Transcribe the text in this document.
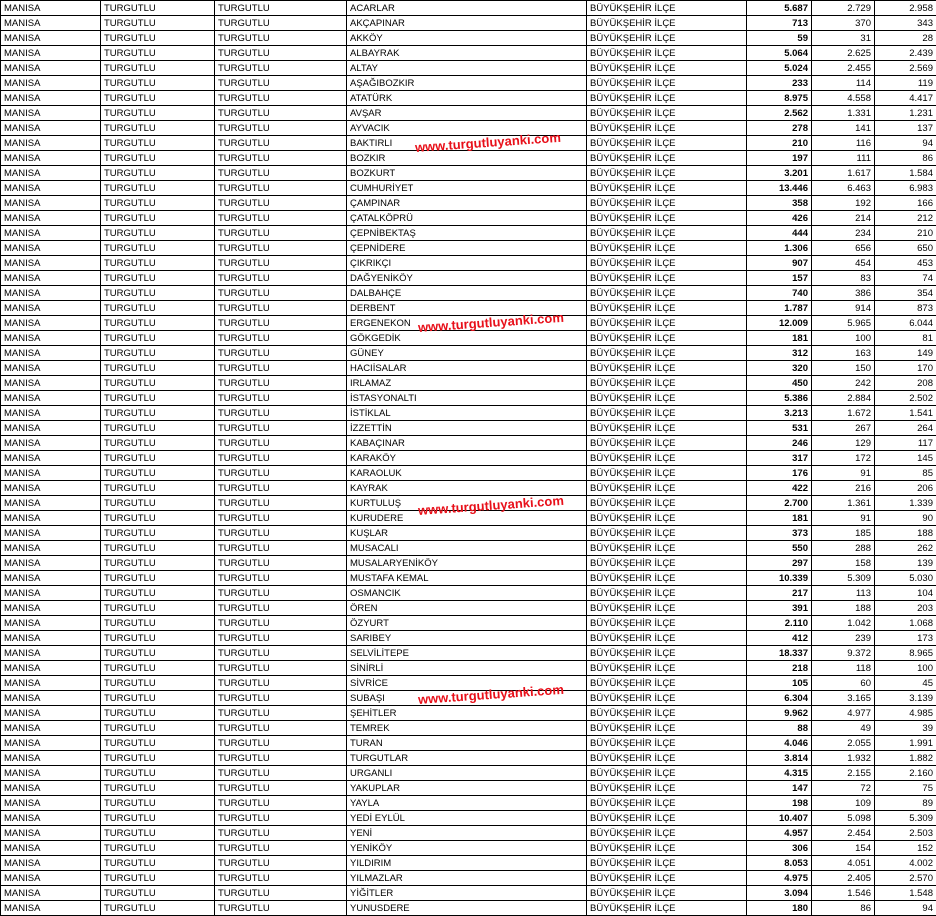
MANISA	TURGUTLU	TURGUTLU	ACARLAR	BÜYÜKŞEHİR İLÇE	5.687	2.729	2.958
MANISA	TURGUTLU	TURGUTLU	AKÇAPINAR	BÜYÜKŞEHİR İLÇE	713	370	343
MANISA	TURGUTLU	TURGUTLU	AKKÖY	BÜYÜKŞEHİR İLÇE	59	31	28
MANISA	TURGUTLU	TURGUTLU	ALBAYRAK	BÜYÜKŞEHİR İLÇE	5.064	2.625	2.439
MANISA	TURGUTLU	TURGUTLU	ALTAY	BÜYÜKŞEHİR İLÇE	5.024	2.455	2.569
MANISA	TURGUTLU	TURGUTLU	AŞAĞIBOZKIR	BÜYÜKŞEHİR İLÇE	233	114	119
MANISA	TURGUTLU	TURGUTLU	ATATÜRK	BÜYÜKŞEHİR İLÇE	8.975	4.558	4.417
MANISA	TURGUTLU	TURGUTLU	AVŞAR	BÜYÜKŞEHİR İLÇE	2.562	1.331	1.231
MANISA	TURGUTLU	TURGUTLU	AYVACIK	BÜYÜKŞEHİR İLÇE	278	141	137
MANISA	TURGUTLU	TURGUTLU	BAKTIRLI	BÜYÜKŞEHİR İLÇE	210	116	94
MANISA	TURGUTLU	TURGUTLU	BOZKIR	BÜYÜKŞEHİR İLÇE	197	111	86
MANISA	TURGUTLU	TURGUTLU	BOZKURT	BÜYÜKŞEHİR İLÇE	3.201	1.617	1.584
MANISA	TURGUTLU	TURGUTLU	CUMHURİYET	BÜYÜKŞEHİR İLÇE	13.446	6.463	6.983
MANISA	TURGUTLU	TURGUTLU	ÇAMPINAR	BÜYÜKŞEHİR İLÇE	358	192	166
MANISA	TURGUTLU	TURGUTLU	ÇATALKÖPRÜ	BÜYÜKŞEHİR İLÇE	426	214	212
MANISA	TURGUTLU	TURGUTLU	ÇEPNİBEKTAŞ	BÜYÜKŞEHİR İLÇE	444	234	210
MANISA	TURGUTLU	TURGUTLU	ÇEPNİDERE	BÜYÜKŞEHİR İLÇE	1.306	656	650
MANISA	TURGUTLU	TURGUTLU	ÇIKRIKÇI	BÜYÜKŞEHİR İLÇE	907	454	453
MANISA	TURGUTLU	TURGUTLU	DAĞYENİKÖY	BÜYÜKŞEHİR İLÇE	157	83	74
MANISA	TURGUTLU	TURGUTLU	DALBAHÇE	BÜYÜKŞEHİR İLÇE	740	386	354
MANISA	TURGUTLU	TURGUTLU	DERBENT	BÜYÜKŞEHİR İLÇE	1.787	914	873
MANISA	TURGUTLU	TURGUTLU	ERGENEKON	BÜYÜKŞEHİR İLÇE	12.009	5.965	6.044
MANISA	TURGUTLU	TURGUTLU	GÖKGEDİK	BÜYÜKŞEHİR İLÇE	181	100	81
MANISA	TURGUTLU	TURGUTLU	GÜNEY	BÜYÜKŞEHİR İLÇE	312	163	149
MANISA	TURGUTLU	TURGUTLU	HACIİSALAR	BÜYÜKŞEHİR İLÇE	320	150	170
MANISA	TURGUTLU	TURGUTLU	IRLAMAZ	BÜYÜKŞEHİR İLÇE	450	242	208
MANISA	TURGUTLU	TURGUTLU	İSTASYONALTI	BÜYÜKŞEHİR İLÇE	5.386	2.884	2.502
MANISA	TURGUTLU	TURGUTLU	İSTİKLAL	BÜYÜKŞEHİR İLÇE	3.213	1.672	1.541
MANISA	TURGUTLU	TURGUTLU	İZZETTİN	BÜYÜKŞEHİR İLÇE	531	267	264
MANISA	TURGUTLU	TURGUTLU	KABAÇINAR	BÜYÜKŞEHİR İLÇE	246	129	117
MANISA	TURGUTLU	TURGUTLU	KARAKÖY	BÜYÜKŞEHİR İLÇE	317	172	145
MANISA	TURGUTLU	TURGUTLU	KARAOLUK	BÜYÜKŞEHİR İLÇE	176	91	85
MANISA	TURGUTLU	TURGUTLU	KAYRAK	BÜYÜKŞEHİR İLÇE	422	216	206
MANISA	TURGUTLU	TURGUTLU	KURTULUŞ	BÜYÜKŞEHİR İLÇE	2.700	1.361	1.339
MANISA	TURGUTLU	TURGUTLU	KURUDERE	BÜYÜKŞEHİR İLÇE	181	91	90
MANISA	TURGUTLU	TURGUTLU	KUŞLAR	BÜYÜKŞEHİR İLÇE	373	185	188
MANISA	TURGUTLU	TURGUTLU	MUSACALI	BÜYÜKŞEHİR İLÇE	550	288	262
MANISA	TURGUTLU	TURGUTLU	MUSALARYENİKÖY	BÜYÜKŞEHİR İLÇE	297	158	139
MANISA	TURGUTLU	TURGUTLU	MUSTAFA KEMAL	BÜYÜKŞEHİR İLÇE	10.339	5.309	5.030
MANISA	TURGUTLU	TURGUTLU	OSMANCIK	BÜYÜKŞEHİR İLÇE	217	113	104
MANISA	TURGUTLU	TURGUTLU	ÖREN	BÜYÜKŞEHİR İLÇE	391	188	203
MANISA	TURGUTLU	TURGUTLU	ÖZYURT	BÜYÜKŞEHİR İLÇE	2.110	1.042	1.068
MANISA	TURGUTLU	TURGUTLU	SARIBEY	BÜYÜKŞEHİR İLÇE	412	239	173
MANISA	TURGUTLU	TURGUTLU	SELVİLİTEPE	BÜYÜKŞEHİR İLÇE	18.337	9.372	8.965
MANISA	TURGUTLU	TURGUTLU	SİNİRLİ	BÜYÜKŞEHİR İLÇE	218	118	100
MANISA	TURGUTLU	TURGUTLU	SİVRİCE	BÜYÜKŞEHİR İLÇE	105	60	45
MANISA	TURGUTLU	TURGUTLU	SUBAŞI	BÜYÜKŞEHİR İLÇE	6.304	3.165	3.139
MANISA	TURGUTLU	TURGUTLU	ŞEHİTLER	BÜYÜKŞEHİR İLÇE	9.962	4.977	4.985
MANISA	TURGUTLU	TURGUTLU	TEMREK	BÜYÜKŞEHİR İLÇE	88	49	39
MANISA	TURGUTLU	TURGUTLU	TURAN	BÜYÜKŞEHİR İLÇE	4.046	2.055	1.991
MANISA	TURGUTLU	TURGUTLU	TURGUTLAR	BÜYÜKŞEHİR İLÇE	3.814	1.932	1.882
MANISA	TURGUTLU	TURGUTLU	URGANLI	BÜYÜKŞEHİR İLÇE	4.315	2.155	2.160
MANISA	TURGUTLU	TURGUTLU	YAKUPLAR	BÜYÜKŞEHİR İLÇE	147	72	75
MANISA	TURGUTLU	TURGUTLU	YAYLA	BÜYÜKŞEHİR İLÇE	198	109	89
MANISA	TURGUTLU	TURGUTLU	YEDİ EYLÜL	BÜYÜKŞEHİR İLÇE	10.407	5.098	5.309
MANISA	TURGUTLU	TURGUTLU	YENİ	BÜYÜKŞEHİR İLÇE	4.957	2.454	2.503
MANISA	TURGUTLU	TURGUTLU	YENİKÖY	BÜYÜKŞEHİR İLÇE	306	154	152
MANISA	TURGUTLU	TURGUTLU	YILDIRIM	BÜYÜKŞEHİR İLÇE	8.053	4.051	4.002
MANISA	TURGUTLU	TURGUTLU	YILMAZLAR	BÜYÜKŞEHİR İLÇE	4.975	2.405	2.570
MANISA	TURGUTLU	TURGUTLU	YİĞİTLER	BÜYÜKŞEHİR İLÇE	3.094	1.546	1.548
MANISA	TURGUTLU	TURGUTLU	YUNUSDERE	BÜYÜKŞEHİR İLÇE	180	86	94
www.turgutluyanki.com
www.turgutluyanki.com
www.turgutluyanki.com
www.turgutluyanki.com
